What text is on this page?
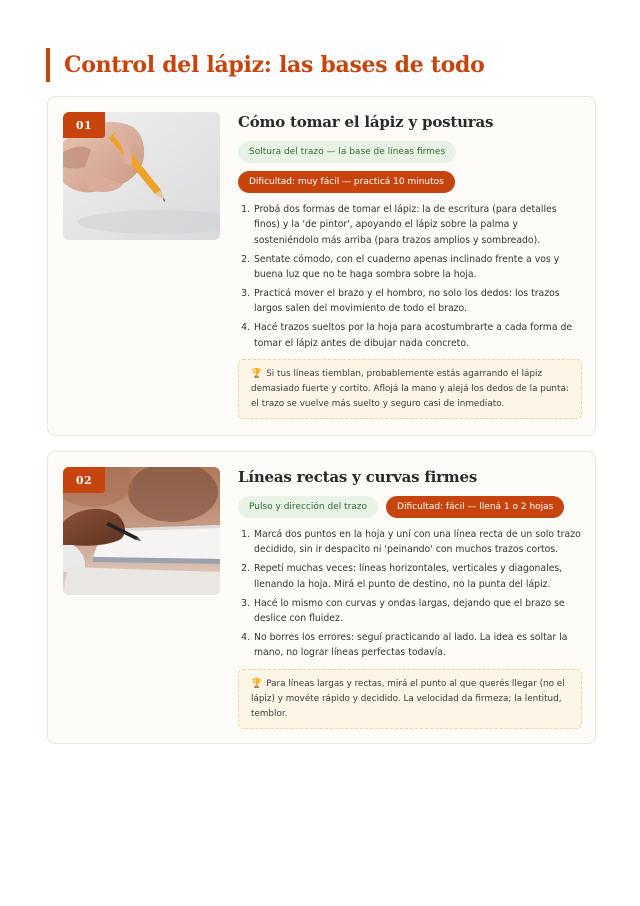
Control del lápiz: las bases de todo
01	Cómo tomar el lápiz y posturas
Soltura del trazo — la base de líneas firmes
Dificultad: muy fácil — practicá 10 minutos
1. Probá dos formas de tomar el lápiz: la de escritura (para detalles finos) y la 'de pintor', apoyando el lápiz sobre la palma y sosteniéndolo más arriba (para trazos amplios y sombreado).
2. Sentate cómodo, con el cuaderno apenas inclinado frente a vos y buena luz que no te haga sombra sobre la hoja.
3. Practicá mover el brazo y el hombro, no solo los dedos: los trazos largos salen del movimiento de todo el brazo.
4. Hacé trazos sueltos por la hoja para acostumbrarte a cada forma de tomar el lápiz antes de dibujar nada concreto.
🏆 Si tus líneas tiemblan, probablemente estás agarrando el lápiz demasiado fuerte y cortito. Aflojá la mano y alejá los dedos de la punta: el trazo se vuelve más suelto y seguro casi de inmediato.
02	Líneas rectas y curvas firmes
Pulso y dirección del trazo	Dificultad: fácil — llená 1 o 2 hojas
1. Marcá dos puntos en la hoja y uní con una línea recta de un solo trazo decidido, sin ir despacito ni 'peinando' con muchos trazos cortos.
2. Repetí muchas veces: líneas horizontales, verticales y diagonales, llenando la hoja. Mirá el punto de destino, no la punta del lápiz.
3. Hacé lo mismo con curvas y ondas largas, dejando que el brazo se deslice con fluidez.
4. No borres los errores: seguí practicando al lado. La idea es soltar la mano, no lograr líneas perfectas todavía.
🏆 Para líneas largas y rectas, mirá el punto al que querés llegar (no el lápiz) y movéte rápido y decidido. La velocidad da firmeza; la lentitud, temblor.
